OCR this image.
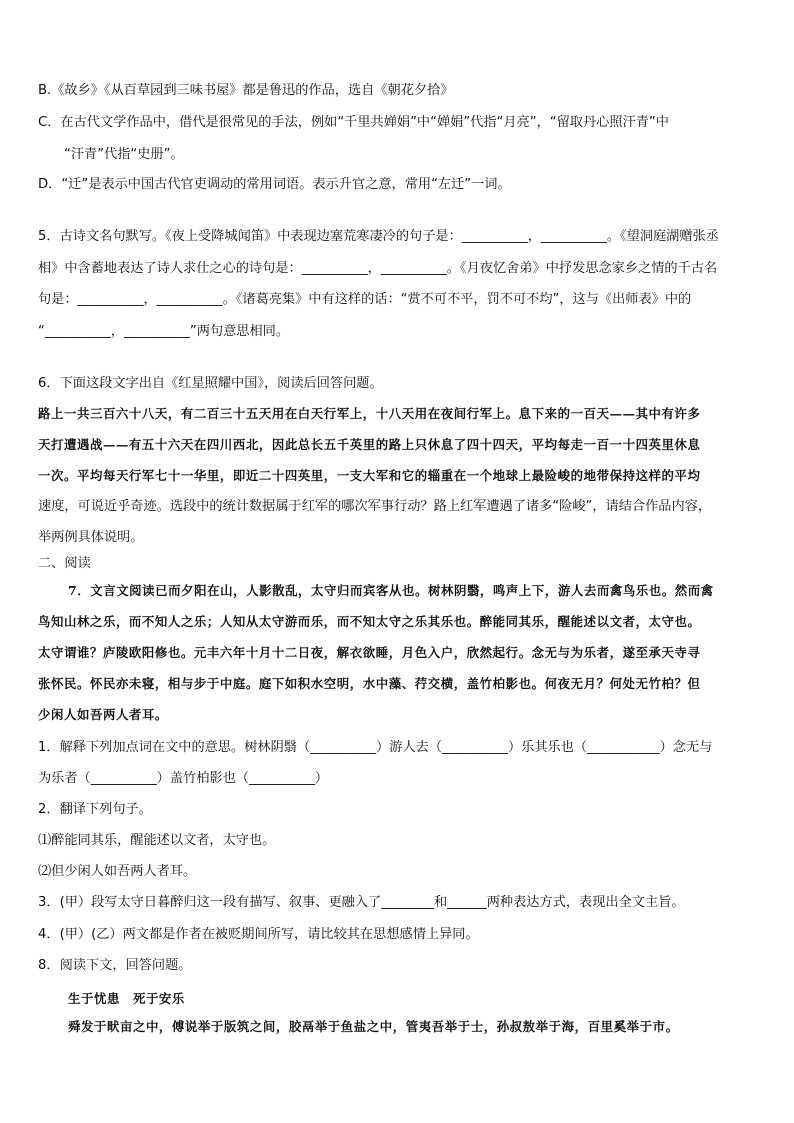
B.《故乡》《从百草园到三味书屋》都是鲁迅的作品，选自《朝花夕拾》
C．在古代文学作品中，借代是很常见的手法，例如“千里共婵娟”中“婵娟”代指“月亮”，“留取丹心照汗青”中
“汗青”代指“史册”。
D．“迁”是表示中国古代官吏调动的常用词语。表示升官之意，常用“左迁”一词。
5．古诗文名句默写。《夜上受降城闻笛》中表现边塞荒寒凄冷的句子是：__________，__________。《望洞庭湖赠张丞
相》中含蓄地表达了诗人求仕之心的诗句是：__________，__________。《月夜忆舍弟》中抒发思念家乡之情的千古名
句是：__________，__________。《诸葛亮集》中有这样的话：“赏不可不平，罚不可不均”，这与《出师表》中的
“__________，__________”两句意思相同。
6．下面这段文字出自《红星照耀中国》，阅读后回答问题。
路上一共三百六十八天，有二百三十五天用在白天行军上，十八天用在夜间行军上。息下来的一百天——其中有许多
天打遭遇战——有五十六天在四川西北，因此总长五千英里的路上只休息了四十四天，平均每走一百一十四英里休息
一次。平均每天行军七十一华里，即近二十四英里，一支大军和它的辎重在一个地球上最险峻的地带保持这样的平均
速度，可说近乎奇迹。选段中的统计数据属于红军的哪次军事行动？路上红军遭遇了诸多“险峻”，请结合作品内容，
举两例具体说明。
二、阅读
7．文言文阅读已而夕阳在山，人影散乱，太守归而宾客从也。树林阴翳，鸣声上下，游人去而禽鸟乐也。然而禽
鸟知山林之乐，而不知人之乐；人知从太守游而乐，而不知太守之乐其乐也。醉能同其乐，醒能述以文者，太守也。
太守谓谁？庐陵欧阳修也。元丰六年十月十二日夜，解衣欲睡，月色入户，欣然起行。念无与为乐者，遂至承天寺寻
张怀民。怀民亦未寝，相与步于中庭。庭下如积水空明，水中藻、荇交横，盖竹柏影也。何夜无月？何处无竹柏？但
少闲人如吾两人者耳。
1．解释下列加点词在文中的意思。树林阴翳（__________）游人去（__________）乐其乐也（___________）念无与
为乐者（__________）盖竹柏影也（__________）
2．翻译下列句子。
⑴醉能同其乐，醒能述以文者，太守也。
⑵但少闲人如吾两人者耳。
3．(甲）段写太守日暮醉归这一段有描写、叙事、更融入了________和______两种表达方式，表现出全文主旨。
4．(甲）(乙）两文都是作者在被贬期间所写，请比较其在思想感情上异同。
8．阅读下文，回答问题。
生于忧患　死于安乐
舜发于畎亩之中，傅说举于版筑之间，胶鬲举于鱼盐之中，管夷吾举于士，孙叔敖举于海，百里奚举于市。
